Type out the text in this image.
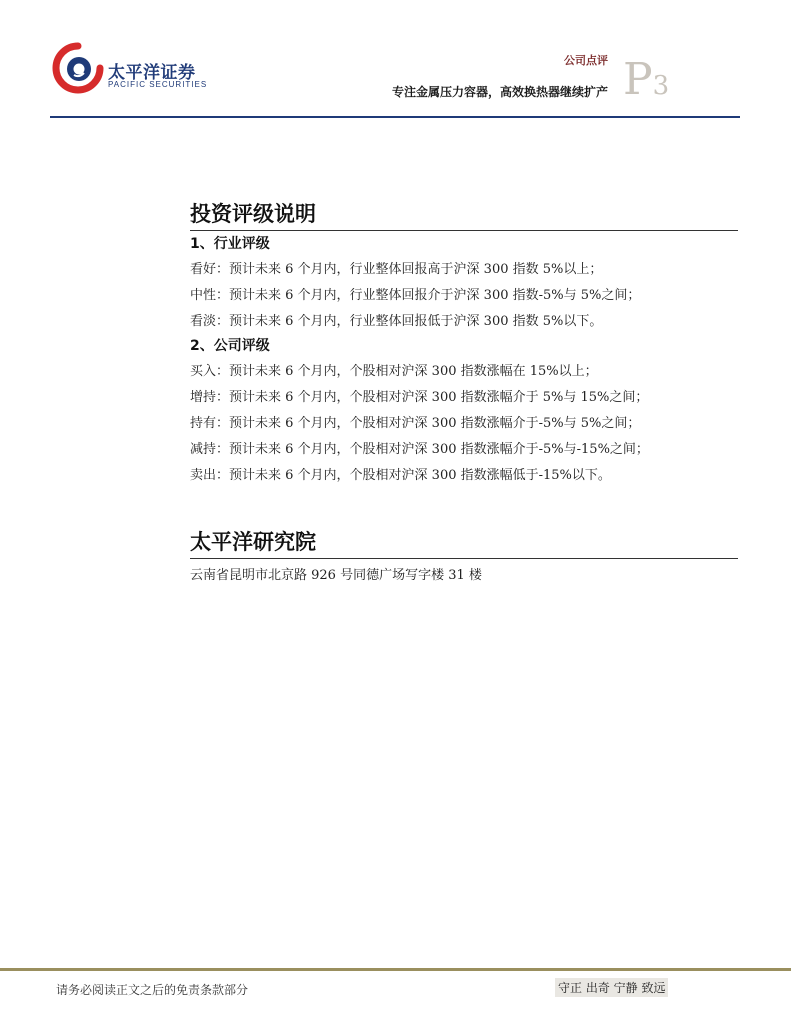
太平洋证券
PACIFIC SECURITIES
公司点评
专注金属压力容器，高效换热器继续扩产 P3
投资评级说明
1、行业评级
看好：预计未来 6 个月内，行业整体回报高于沪深 300 指数 5%以上；
中性：预计未来 6 个月内，行业整体回报介于沪深 300 指数-5%与 5%之间；
看淡：预计未来 6 个月内，行业整体回报低于沪深 300 指数 5%以下。
2、公司评级
买入：预计未来 6 个月内，个股相对沪深 300 指数涨幅在 15%以上；
增持：预计未来 6 个月内，个股相对沪深 300 指数涨幅介于 5%与 15%之间；
持有：预计未来 6 个月内，个股相对沪深 300 指数涨幅介于-5%与 5%之间；
减持：预计未来 6 个月内，个股相对沪深 300 指数涨幅介于-5%与-15%之间；
卖出：预计未来 6 个月内，个股相对沪深 300 指数涨幅低于-15%以下。
太平洋研究院
云南省昆明市北京路 926 号同德广场写字楼 31 楼
请务必阅读正文之后的免责条款部分	守正 出奇 宁静 致远
